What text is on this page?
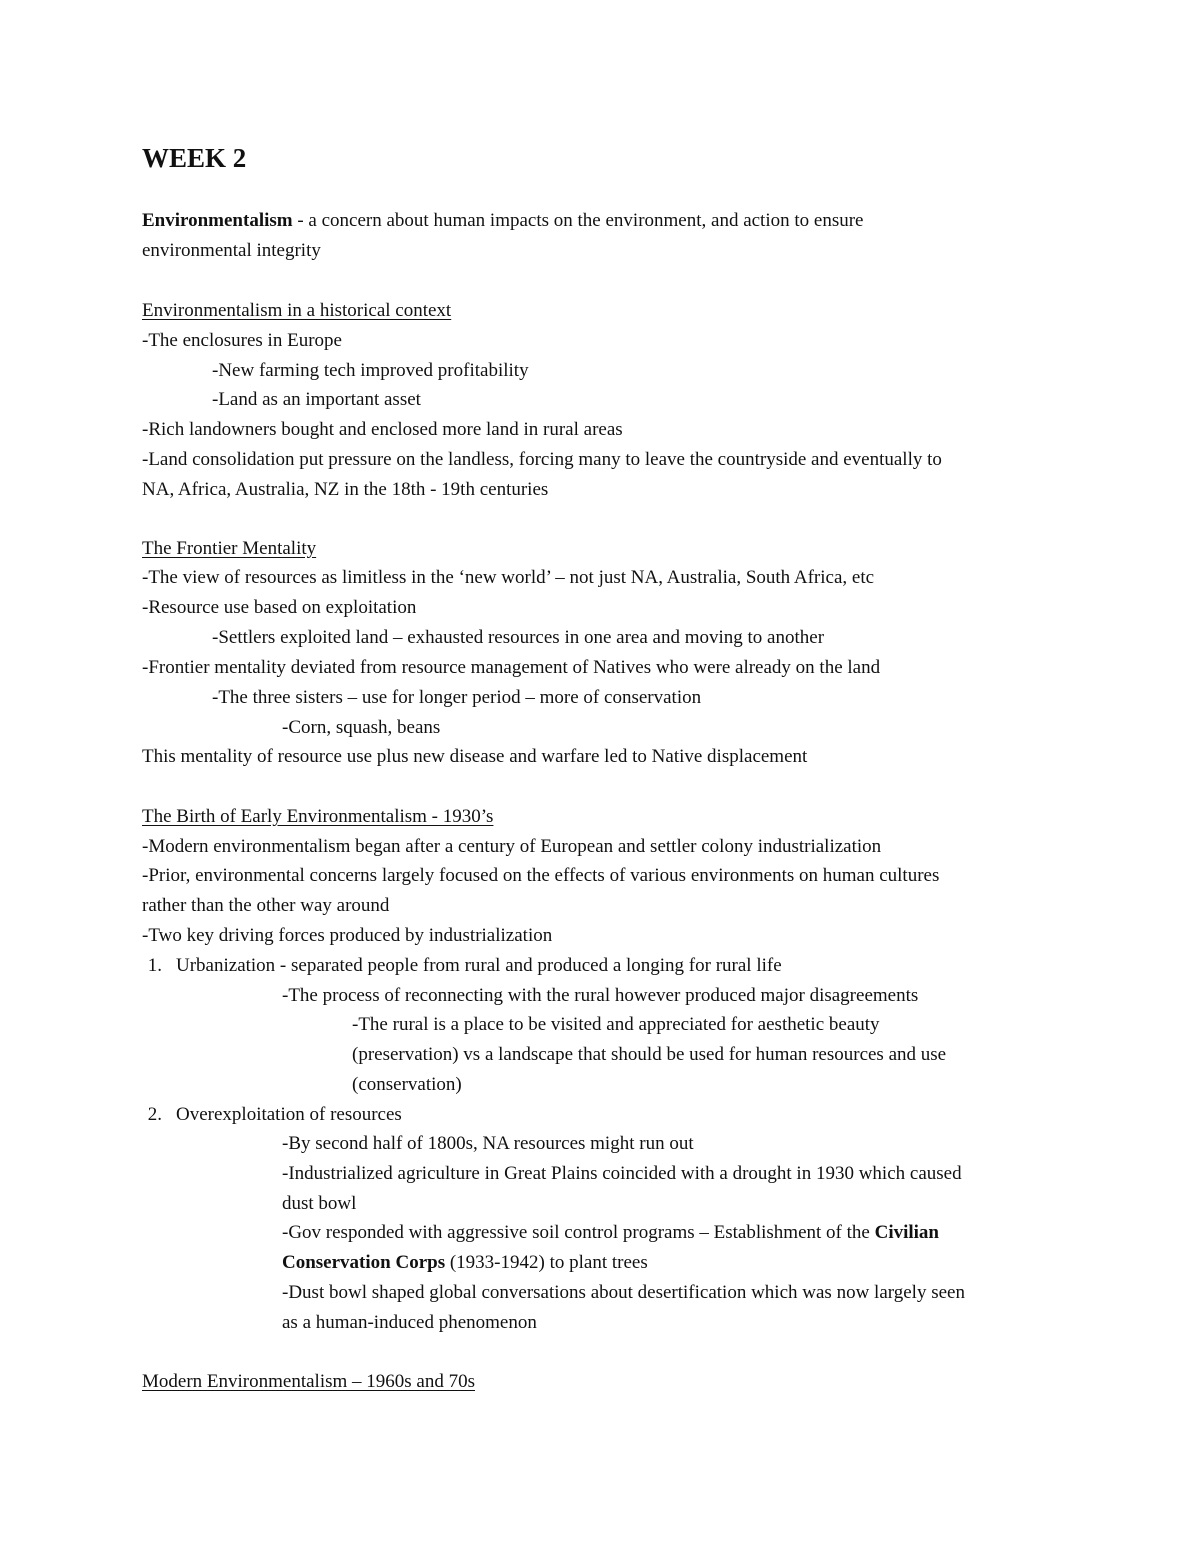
WEEK 2

Environmentalism - a concern about human impacts on the environment, and action to ensure

environmental integrity

Environmentalism in a historical context

-The enclosures in Europe

-New farming tech improved profitability

-Land as an important asset

-Rich landowners bought and enclosed more land in rural areas

-Land consolidation put pressure on the landless, forcing many to leave the countryside and eventually to

NA, Africa, Australia, NZ in the 18th - 19th centuries

The Frontier Mentality

-The view of resources as limitless in the ‘new world’ – not just NA, Australia, South Africa, etc

-Resource use based on exploitation

-Settlers exploited land – exhausted resources in one area and moving to another

-Frontier mentality deviated from resource management of Natives who were already on the land

-The three sisters – use for longer period – more of conservation

-Corn, squash, beans

This mentality of resource use plus new disease and warfare led to Native displacement

The Birth of Early Environmentalism - 1930’s

-Modern environmentalism began after a century of European and settler colony industrialization

-Prior, environmental concerns largely focused on the effects of various environments on human cultures

rather than the other way around

-Two key driving forces produced by industrialization

1. Urbanization - separated people from rural and produced a longing for rural life

-The process of reconnecting with the rural however produced major disagreements

-The rural is a place to be visited and appreciated for aesthetic beauty

(preservation) vs a landscape that should be used for human resources and use

(conservation)

2. Overexploitation of resources

-By second half of 1800s, NA resources might run out

-Industrialized agriculture in Great Plains coincided with a drought in 1930 which caused

dust bowl

-Gov responded with aggressive soil control programs – Establishment of the Civilian

Conservation Corps (1933-1942) to plant trees

-Dust bowl shaped global conversations about desertification which was now largely seen

as a human-induced phenomenon

Modern Environmentalism – 1960s and 70s
